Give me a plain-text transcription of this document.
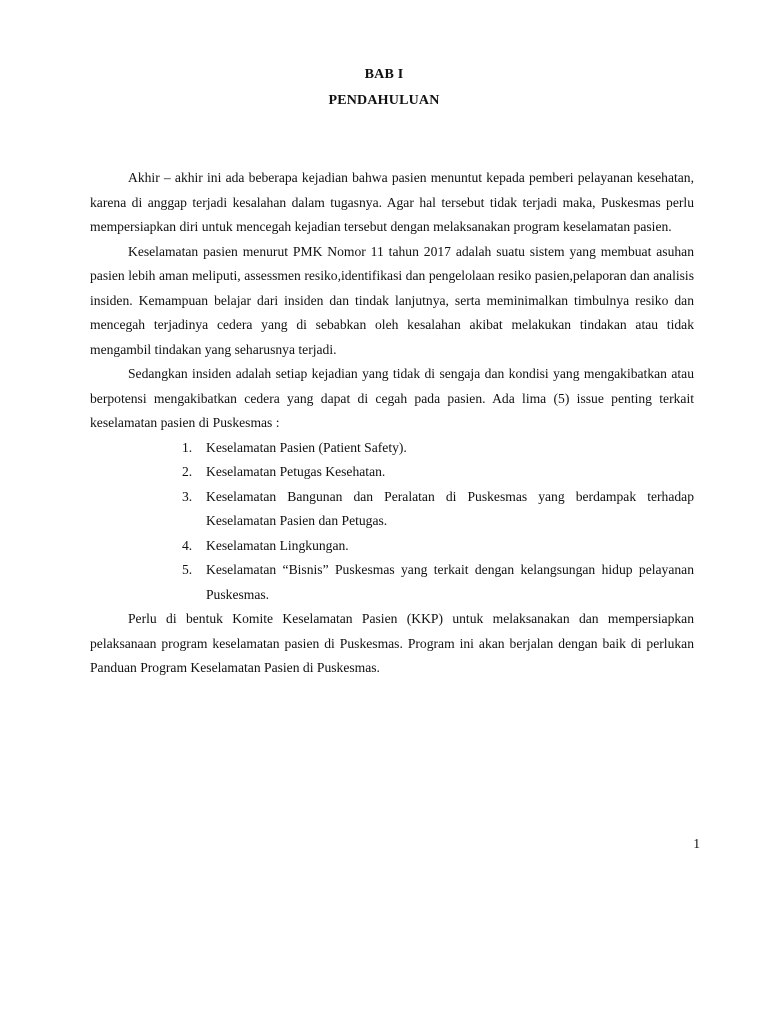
BAB I
PENDAHULUAN

Akhir – akhir ini ada beberapa kejadian bahwa pasien menuntut kepada pemberi pelayanan kesehatan, karena di anggap terjadi kesalahan dalam tugasnya. Agar hal tersebut tidak terjadi maka, Puskesmas perlu mempersiapkan diri untuk mencegah kejadian tersebut dengan melaksanakan program keselamatan pasien.

Keselamatan pasien menurut PMK Nomor 11 tahun 2017 adalah suatu sistem yang membuat asuhan pasien lebih aman meliputi, assessmen resiko,identifikasi dan pengelolaan resiko pasien,pelaporan dan analisis insiden. Kemampuan belajar dari insiden dan tindak lanjutnya, serta meminimalkan timbulnya resiko dan mencegah terjadinya cedera yang di sebabkan oleh kesalahan akibat melakukan tindakan atau tidak mengambil tindakan yang seharusnya terjadi.

Sedangkan insiden adalah setiap kejadian yang tidak di sengaja dan kondisi yang mengakibatkan atau berpotensi mengakibatkan cedera yang dapat di cegah pada pasien. Ada lima (5) issue penting terkait keselamatan pasien di Puskesmas :

1. Keselamatan Pasien (Patient Safety).
2. Keselamatan Petugas Kesehatan.
3. Keselamatan Bangunan dan Peralatan di Puskesmas yang berdampak terhadap Keselamatan Pasien dan Petugas.
4. Keselamatan Lingkungan.
5. Keselamatan “Bisnis” Puskesmas yang terkait dengan kelangsungan hidup pelayanan Puskesmas.

Perlu di bentuk Komite Keselamatan Pasien (KKP) untuk melaksanakan dan mempersiapkan pelaksanaan program keselamatan pasien di Puskesmas. Program ini akan berjalan dengan baik di perlukan Panduan Program Keselamatan Pasien di Puskesmas.

1
